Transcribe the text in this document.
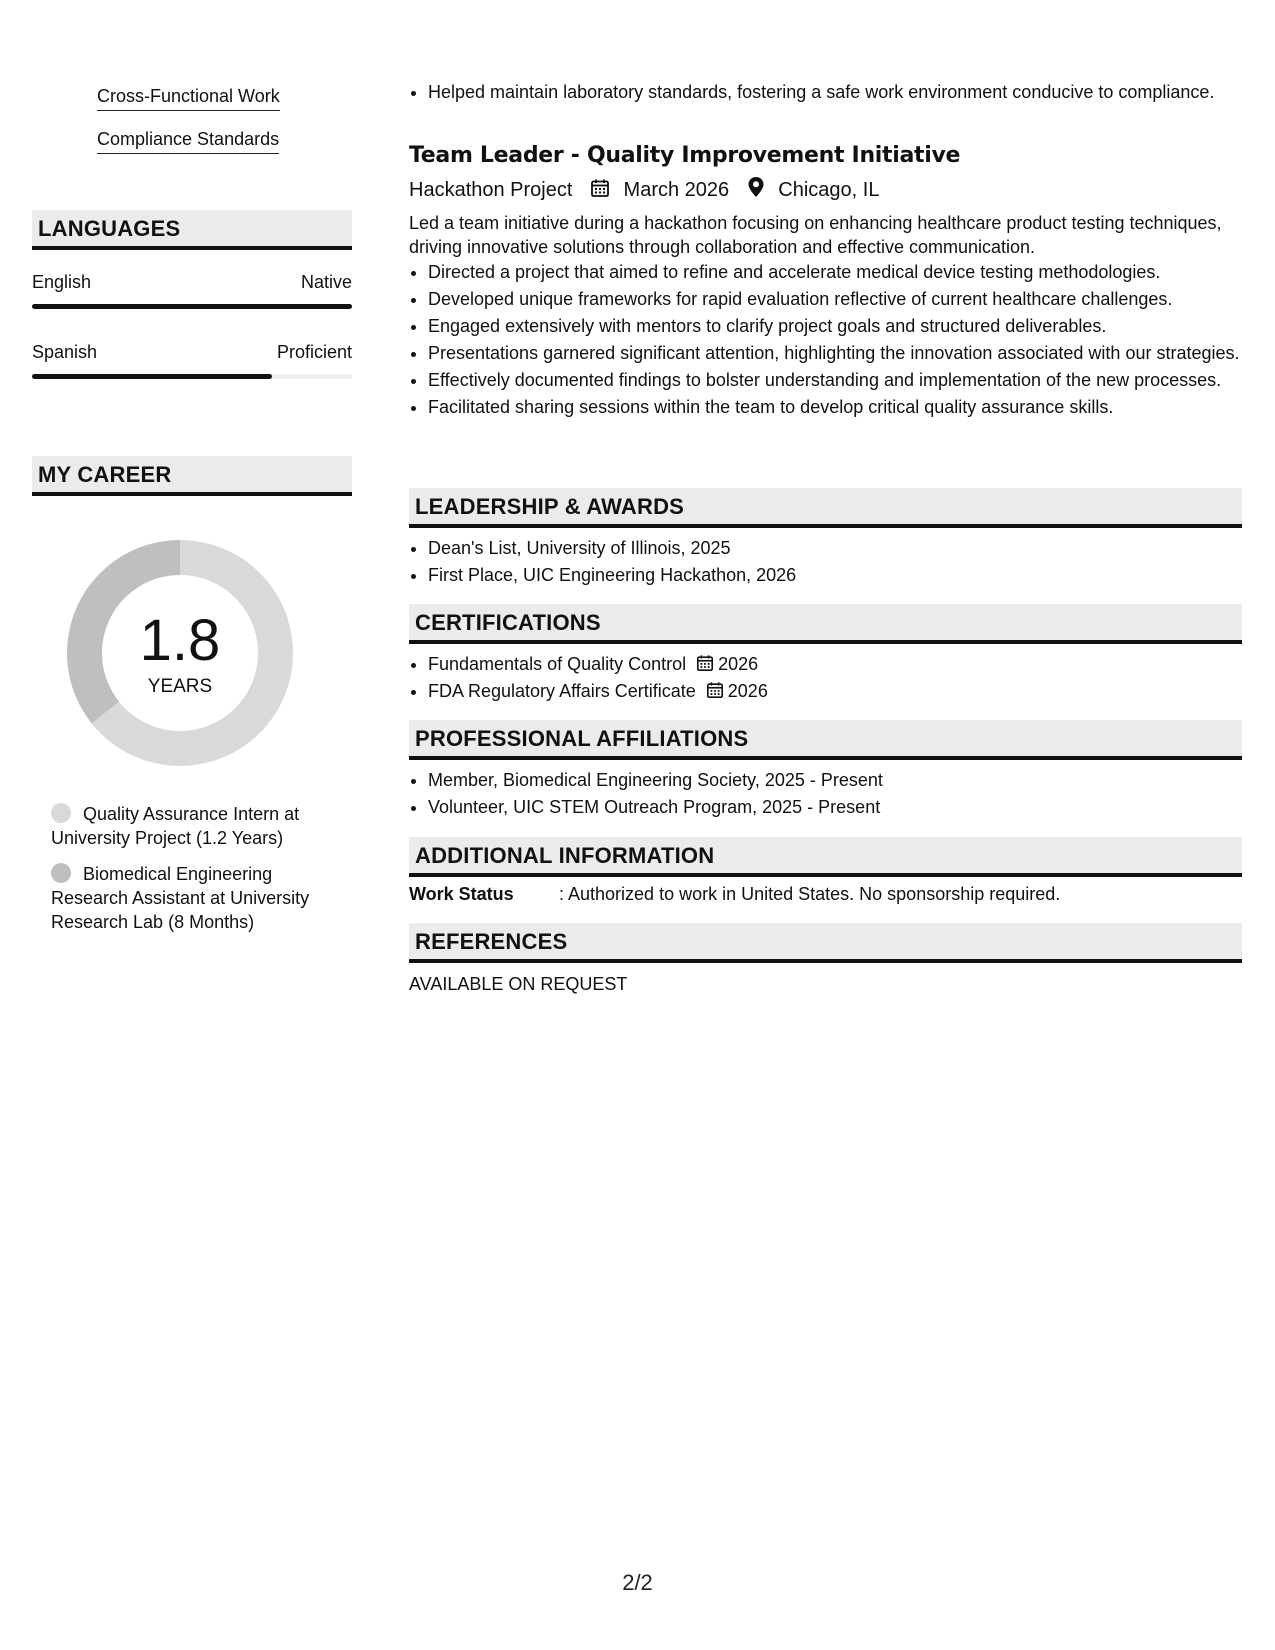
Cross-Functional Work
Compliance Standards
LANGUAGES
English	Native
Spanish	Proficient
MY CAREER
1.8
YEARS
Quality Assurance Intern at University Project (1.2 Years)
Biomedical Engineering Research Assistant at University Research Lab (8 Months)
• Helped maintain laboratory standards, fostering a safe work environment conducive to compliance.
Team Leader - Quality Improvement Initiative
Hackathon Project	March 2026 Chicago, IL
Led a team initiative during a hackathon focusing on enhancing healthcare product testing techniques, driving innovative solutions through collaboration and effective communication.
• Directed a project that aimed to refine and accelerate medical device testing methodologies.
• Developed unique frameworks for rapid evaluation reflective of current healthcare challenges.
• Engaged extensively with mentors to clarify project goals and structured deliverables.
• Presentations garnered significant attention, highlighting the innovation associated with our strategies.
• Effectively documented findings to bolster understanding and implementation of the new processes.
• Facilitated sharing sessions within the team to develop critical quality assurance skills.
LEADERSHIP & AWARDS
• Dean's List, University of Illinois, 2025
• First Place, UIC Engineering Hackathon, 2026
CERTIFICATIONS
• Fundamentals of Quality Control 2026
• FDA Regulatory Affairs Certificate 2026
PROFESSIONAL AFFILIATIONS
• Member, Biomedical Engineering Society, 2025 - Present
• Volunteer, UIC STEM Outreach Program, 2025 - Present
ADDITIONAL INFORMATION
Work Status	: Authorized to work in United States. No sponsorship required.
REFERENCES
AVAILABLE ON REQUEST
2/2
